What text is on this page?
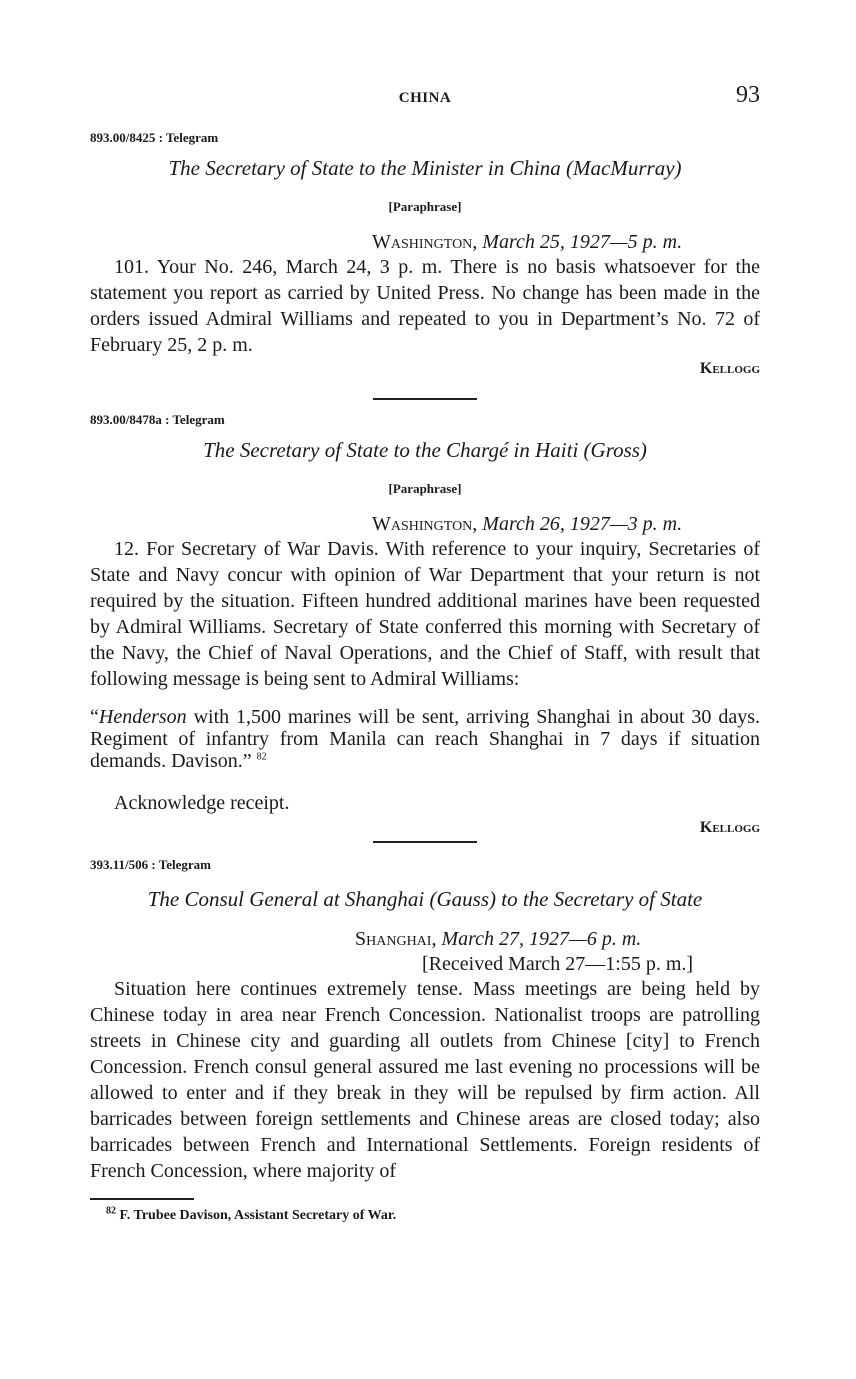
CHINA	93
893.00/8425 : Telegram
The Secretary of State to the Minister in China (MacMurray)
[Paraphrase]
Washington, March 25, 1927—5 p. m.

101. Your No. 246, March 24, 3 p. m. There is no basis whatsoever for the statement you report as carried by United Press. No change has been made in the orders issued Admiral Williams and repeated to you in Department’s No. 72 of February 25, 2 p. m.

Kellogg
893.00/8478a : Telegram
The Secretary of State to the Chargé in Haiti (Gross)
[Paraphrase]
Washington, March 26, 1927—3 p. m.

12. For Secretary of War Davis. With reference to your inquiry, Secretaries of State and Navy concur with opinion of War Department that your return is not required by the situation. Fifteen hundred additional marines have been requested by Admiral Williams. Secretary of State conferred this morning with Secretary of the Navy, the Chief of Naval Operations, and the Chief of Staff, with result that following message is being sent to Admiral Williams:

“Henderson with 1,500 marines will be sent, arriving Shanghai in about 30 days. Regiment of infantry from Manila can reach Shanghai in 7 days if situation demands. Davison.” $^{82}$

Acknowledge receipt.
Kellogg
393.11/506 : Telegram
The Consul General at Shanghai (Gauss) to the Secretary of State
Shanghai, March 27, 1927—6 p. m.
[Received March 27—1:55 p. m.]

Situation here continues extremely tense. Mass meetings are being held by Chinese today in area near French Concession. Nationalist troops are patrolling streets in Chinese city and guarding all outlets from Chinese [city] to French Concession. French consul general assured me last evening no processions will be allowed to enter and if they break in they will be repulsed by firm action. All barricades between foreign settlements and Chinese areas are closed today; also barricades between French and International Settlements. Foreign residents of French Concession, where majority of

$^{82}$ F. Trubee Davison, Assistant Secretary of War.
